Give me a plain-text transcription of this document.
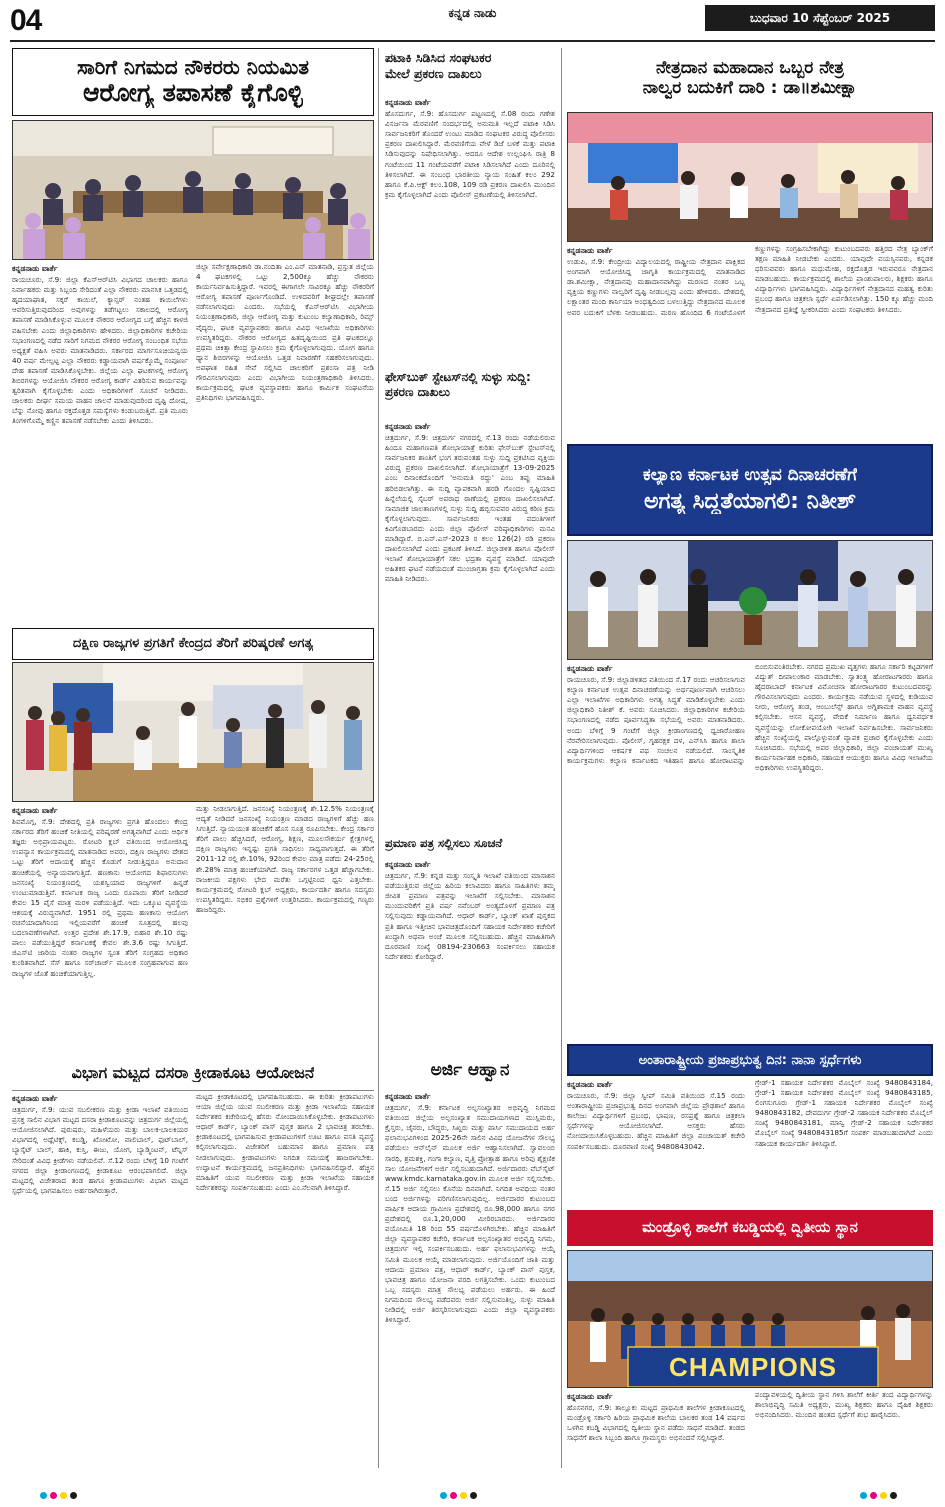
04	ಕನ್ನಡ ನಾಡು	ಬುಧವಾರ 10 ಸೆಪ್ಟೆಂಬರ್ 2025
ಸಾರಿಗೆ ನಿಗಮದ ನೌಕರರು ನಿಯಮಿತ
ಆರೋಗ್ಯ ತಪಾಸಣೆ ಕೈಗೊಳ್ಳಿ
ಕನ್ನಡನಾಡು ವಾರ್ತೆ
ರಾಯಚೂರು, ಸೆ.9: ಜಿಲ್ಲಾ ಕೆಎಸ್ಆರ್‌ಟಿಸಿ ವಿಭಾಗದ ಚಾಲಕರು ಹಾಗೂ ನಿರ್ವಾಹಕರು ಮತ್ತು ಸಿಬ್ಬಂದಿ ಸೇರಿದಂತೆ ಎಲ್ಲಾ ನೌಕರರು ಮಾನಸಿಕ ಒತ್ತಡದಲ್ಲಿ ಹೃದಯಾಘಾತ, ಸಕ್ಕರೆ ಕಾಯಿಲೆ, ಕ್ಯಾನ್ಸರ್ ನಂತಹ ಕಾಯಿಲೆಗಳು ಆವರಿಸುತ್ತಿರುವುದರಿಂದ ಅವುಗಳನ್ನು ತಡೆಗಟ್ಟಲು ಸಕಾಲದಲ್ಲಿ ಆರೋಗ್ಯ ತಪಾಸಣೆ ಮಾಡಿಸಿಕೊಳ್ಳುವ ಮೂಲಕ ನೌಕರರ ಆರೋಗ್ಯದ ಬಗ್ಗೆ ಹೆಚ್ಚಿನ ಕಾಳಜಿ ವಹಿಸಬೇಕು ಎಂದು ಜಿಲ್ಲಾಧಿಕಾರಿಗಳು ಹೇಳಿದರು. ಜಿಲ್ಲಾಧಿಕಾರಿಗಳ ಕಚೇರಿಯ ಸಭಾಂಗಣದಲ್ಲಿ ನಡೆದ ಸಾರಿಗೆ ನಿಗಮದ ನೌಕರರ ಆರೋಗ್ಯ ಸಂಬಂಧಿತ ಸಭೆಯ ಅಧ್ಯಕ್ಷತೆ ವಹಿಸಿ ಅವರು ಮಾತನಾಡಿದರು. ಸರ್ಕಾರದ ಮಾರ್ಗಸೂಚಿಯನ್ವಯ 40 ವರ್ಷ ಮೇಲ್ಪಟ್ಟ ಎಲ್ಲಾ ನೌಕರರು ಕಡ್ಡಾಯವಾಗಿ ವರ್ಷಕ್ಕೊಮ್ಮೆ ಸಂಪೂರ್ಣ ದೇಹ ತಪಾಸಣೆ ಮಾಡಿಸಿಕೊಳ್ಳಬೇಕು. ಜಿಲ್ಲೆಯ ಎಲ್ಲಾ ಘಟಕಗಳಲ್ಲಿ ಆರೋಗ್ಯ ಶಿಬಿರಗಳನ್ನು ಆಯೋಜಿಸಿ ನೌಕರರ ಆರೋಗ್ಯ ಕಾರ್ಡ್ ವಿತರಿಸುವ ಕಾರ್ಯವನ್ನು ತ್ವರಿತವಾಗಿ ಕೈಗೊಳ್ಳಬೇಕು ಎಂದು ಅಧಿಕಾರಿಗಳಿಗೆ ಸೂಚನೆ ನೀಡಿದರು. ಚಾಲಕರು ದೀರ್ಘ ಸಮಯ ವಾಹನ ಚಾಲನೆ ಮಾಡುವುದರಿಂದ ದೃಷ್ಟಿ ದೋಷ, ಬೆನ್ನು ನೋವು ಹಾಗೂ ರಕ್ತದೊತ್ತಡ ಸಮಸ್ಯೆಗಳು ಕಂಡುಬರುತ್ತಿವೆ. ಪ್ರತಿ ಮೂರು ತಿಂಗಳಿಗೊಮ್ಮೆ ಕಣ್ಣಿನ ತಪಾಸಣೆ ನಡೆಸಬೇಕು ಎಂದು ತಿಳಿಸಿದರು.
ಜಿಲ್ಲಾ ಸರ್ವೇಕ್ಷಣಾಧಿಕಾರಿ ಡಾ.ನಂದಿತಾ ಎಂ.ಎನ್ ಮಾತನಾಡಿ, ಪ್ರಸ್ತುತ ಜಿಲ್ಲೆಯ 4 ಘಟಕಗಳಲ್ಲಿ ಒಟ್ಟು 2,500ಕ್ಕೂ ಹೆಚ್ಚು ನೌಕರರು ಕಾರ್ಯನಿರ್ವಹಿಸುತ್ತಿದ್ದಾರೆ. ಇವರಲ್ಲಿ ಈಗಾಗಲೇ ಸಾವಿರಕ್ಕೂ ಹೆಚ್ಚು ನೌಕರರಿಗೆ ಆರೋಗ್ಯ ತಪಾಸಣೆ ಪೂರ್ಣಗೊಂಡಿದೆ. ಉಳಿದವರಿಗೆ ಶೀಘ್ರದಲ್ಲೇ ತಪಾಸಣೆ ನಡೆಸಲಾಗುವುದು ಎಂದರು. ಸಭೆಯಲ್ಲಿ ಕೆಎಸ್ಆರ್‌ಟಿಸಿ ವಿಭಾಗೀಯ ನಿಯಂತ್ರಣಾಧಿಕಾರಿ, ಜಿಲ್ಲಾ ಆರೋಗ್ಯ ಮತ್ತು ಕುಟುಂಬ ಕಲ್ಯಾಣಾಧಿಕಾರಿ, ರಿಮ್ಸ್ ವೈದ್ಯರು, ಘಟಕ ವ್ಯವಸ್ಥಾಪಕರು ಹಾಗೂ ವಿವಿಧ ಇಲಾಖೆಯ ಅಧಿಕಾರಿಗಳು ಉಪಸ್ಥಿತರಿದ್ದರು. ನೌಕರರ ಆರೋಗ್ಯದ ಹಿತದೃಷ್ಟಿಯಿಂದ ಪ್ರತಿ ಘಟಕದಲ್ಲೂ ಪ್ರಥಮ ಚಿಕಿತ್ಸಾ ಕೇಂದ್ರ ಸ್ಥಾಪಿಸಲು ಕ್ರಮ ಕೈಗೊಳ್ಳಲಾಗುವುದು. ಯೋಗ ಹಾಗೂ ಧ್ಯಾನ ಶಿಬಿರಗಳನ್ನು ಆಯೋಜಿಸಿ ಒತ್ತಡ ನಿವಾರಣೆಗೆ ಸಹಕರಿಸಲಾಗುವುದು. ಅಪಘಾತ ರಹಿತ ಸೇವೆ ಸಲ್ಲಿಸಿದ ಚಾಲಕರಿಗೆ ಪ್ರಶಂಸಾ ಪತ್ರ ನೀಡಿ ಗೌರವಿಸಲಾಗುವುದು ಎಂದು ವಿಭಾಗೀಯ ನಿಯಂತ್ರಣಾಧಿಕಾರಿ ತಿಳಿಸಿದರು. ಕಾರ್ಯಕ್ರಮದಲ್ಲಿ ಘಟಕ ವ್ಯವಸ್ಥಾಪಕರು ಹಾಗೂ ಕಾರ್ಮಿಕ ಸಂಘಟನೆಯ ಪ್ರತಿನಿಧಿಗಳು ಭಾಗವಹಿಸಿದ್ದರು.
ದಕ್ಷಿಣ ರಾಜ್ಯಗಳ ಪ್ರಗತಿಗೆ ಕೇಂದ್ರದ ತೆರಿಗೆ ಪರಿಷ್ಕರಣೆ ಅಗತ್ಯ
ಕನ್ನಡನಾಡು ವಾರ್ತೆ
ಶಿವಮೊಗ್ಗ, ಸೆ.9: ದೇಶದಲ್ಲಿ ಪ್ರತಿ ರಾಜ್ಯಗಳು ಪ್ರಗತಿ ಹೊಂದಲು ಕೇಂದ್ರ ಸರ್ಕಾರದ ತೆರಿಗೆ ಹಂಚಿಕೆ ನೀತಿಯಲ್ಲಿ ಪರಿಷ್ಕರಣೆ ಅಗತ್ಯವಾಗಿದೆ ಎಂದು ಆರ್ಥಿಕ ತಜ್ಞರು ಅಭಿಪ್ರಾಯಪಟ್ಟರು. ರೋಟರಿ ಕ್ಲಬ್ ವತಿಯಿಂದ ಆಯೋಜಿಸಿದ್ದ ಉಪನ್ಯಾಸ ಕಾರ್ಯಕ್ರಮದಲ್ಲಿ ಮಾತನಾಡಿದ ಅವರು, ದಕ್ಷಿಣ ರಾಜ್ಯಗಳು ದೇಶದ ಒಟ್ಟು ತೆರಿಗೆ ಆದಾಯಕ್ಕೆ ಹೆಚ್ಚಿನ ಕೊಡುಗೆ ನೀಡುತ್ತಿದ್ದರೂ ಅನುದಾನ ಹಂಚಿಕೆಯಲ್ಲಿ ಅನ್ಯಾಯವಾಗುತ್ತಿದೆ. ಹಣಕಾಸು ಆಯೋಗದ ಶಿಫಾರಸುಗಳು ಜನಸಂಖ್ಯೆ ನಿಯಂತ್ರಣದಲ್ಲಿ ಯಶಸ್ವಿಯಾದ ರಾಜ್ಯಗಳಿಗೆ ಹಿನ್ನಡೆ ಉಂಟುಮಾಡುತ್ತಿವೆ. ಕರ್ನಾಟಕ ರಾಜ್ಯ ಒಂದು ರೂಪಾಯಿ ತೆರಿಗೆ ನೀಡಿದರೆ ಕೇವಲ 15 ಪೈಸೆ ಮಾತ್ರ ಮರಳಿ ಪಡೆಯುತ್ತಿದೆ. ಇದು ಒಕ್ಕೂಟ ವ್ಯವಸ್ಥೆಯ ಆಶಯಕ್ಕೆ ವಿರುದ್ಧವಾಗಿದೆ. 1951 ರಲ್ಲಿ ಪ್ರಥಮ ಹಣಕಾಸು ಆಯೋಗ ರಚನೆಯಾದಾಗಿನಿಂದ ಇಲ್ಲಿಯವರೆಗೆ ಹಂಚಿಕೆ ಸೂತ್ರದಲ್ಲಿ ಹಲವು ಬದಲಾವಣೆಗಳಾಗಿವೆ. ಉತ್ತರ ಪ್ರದೇಶ ಶೇ.17.9, ಬಿಹಾರ ಶೇ.10 ರಷ್ಟು ಪಾಲು ಪಡೆಯುತ್ತಿದ್ದರೆ ಕರ್ನಾಟಕಕ್ಕೆ ಕೇವಲ ಶೇ.3.6 ರಷ್ಟು ಸಿಗುತ್ತಿದೆ. ಜಿಎಸ್‌ಟಿ ಜಾರಿಯ ನಂತರ ರಾಜ್ಯಗಳ ಸ್ವಂತ ತೆರಿಗೆ ಸಂಗ್ರಹದ ಅಧಿಕಾರ ಕುಂಠಿತವಾಗಿದೆ. ಸೆಸ್ ಹಾಗೂ ಸರ್‌ಚಾರ್ಜ್ ಮೂಲಕ ಸಂಗ್ರಹವಾಗುವ ಹಣ ರಾಜ್ಯಗಳ ಜೊತೆ ಹಂಚಿಕೆಯಾಗುತ್ತಿಲ್ಲ.
ಮತ್ತು ನೀಡಲಾಗುತ್ತಿದೆ. ಜನಸಂಖ್ಯೆ ನಿಯಂತ್ರಣಕ್ಕೆ ಶೇ.12.5% ನಿಯಂತ್ರಣಕ್ಕೆ ಆದ್ಯತೆ ನೀಡಿದರೆ ಜನಸಂಖ್ಯೆ ನಿಯಂತ್ರಣ ಮಾಡದ ರಾಜ್ಯಗಳಿಗೆ ಹೆಚ್ಚು ಹಣ ಸಿಗುತ್ತಿದೆ. ನ್ಯಾಯಯುತ ಹಂಚಿಕೆಗೆ ಹೊಸ ಸೂತ್ರ ರೂಪಿಸಬೇಕು. ಕೇಂದ್ರ ಸರ್ಕಾರ ತೆರಿಗೆ ಪಾಲು ಹೆಚ್ಚಿಸಿದರೆ, ಆರೋಗ್ಯ, ಶಿಕ್ಷಣ, ಮೂಲಸೌಕರ್ಯ ಕ್ಷೇತ್ರಗಳಲ್ಲಿ ದಕ್ಷಿಣ ರಾಜ್ಯಗಳು ಇನ್ನಷ್ಟು ಪ್ರಗತಿ ಸಾಧಿಸಲು ಸಾಧ್ಯವಾಗುತ್ತದೆ. ಈ ತೆರಿಗೆ 2011-12 ರಲ್ಲಿ ಶೇ.10%, 92ರಿಂದ ಕೇವಲ ಮಾತ್ರ ಪಡೆದು 24-25ರಲ್ಲಿ ಶೇ.28% ಮಾತ್ರ ಹಂಚಿಕೆಯಾಗಿದೆ. ರಾಜ್ಯ ಸರ್ಕಾರಗಳ ಒತ್ತಡ ಹೆಚ್ಚಾಗಬೇಕು. ರಾಜಕೀಯ ಪಕ್ಷಗಳು ಭೇದ ಮರೆತು ಒಗ್ಗಟ್ಟಿನಿಂದ ಧ್ವನಿ ಎತ್ತಬೇಕು. ಕಾರ್ಯಕ್ರಮದಲ್ಲಿ ರೋಟರಿ ಕ್ಲಬ್ ಅಧ್ಯಕ್ಷರು, ಕಾರ್ಯದರ್ಶಿ ಹಾಗೂ ಸದಸ್ಯರು ಉಪಸ್ಥಿತರಿದ್ದರು. ಸಭಿಕರ ಪ್ರಶ್ನೆಗಳಿಗೆ ಉತ್ತರಿಸಿದರು. ಕಾರ್ಯಕ್ರಮದಲ್ಲಿ ಗಣ್ಯರು ಹಾಜರಿದ್ದರು.
ವಿಭಾಗ ಮಟ್ಟದ ದಸರಾ ಕ್ರೀಡಾಕೂಟ ಆಯೋಜನೆ
ಕನ್ನಡನಾಡು ವಾರ್ತೆ
ಚಿತ್ರದುರ್ಗ, ಸೆ.9: ಯುವ ಸಬಲೀಕರಣ ಮತ್ತು ಕ್ರೀಡಾ ಇಲಾಖೆ ವತಿಯಿಂದ ಪ್ರಸಕ್ತ ಸಾಲಿನ ವಿಭಾಗ ಮಟ್ಟದ ದಸರಾ ಕ್ರೀಡಾಕೂಟವನ್ನು ಚಿತ್ರದುರ್ಗ ಜಿಲ್ಲೆಯಲ್ಲಿ ಆಯೋಜಿಸಲಾಗಿದೆ. ಪುರುಷರು, ಮಹಿಳೆಯರು ಮತ್ತು ಬಾಲಕ-ಬಾಲಕಿಯರ ವಿಭಾಗದಲ್ಲಿ ಅಥ್ಲೆಟಿಕ್ಸ್, ಕಬಡ್ಡಿ, ಖೋಖೋ, ವಾಲಿಬಾಲ್, ಫುಟ್‌ಬಾಲ್, ಬ್ಯಾಸ್ಕೆಟ್ ಬಾಲ್, ಹಾಕಿ, ಕುಸ್ತಿ, ಈಜು, ಯೋಗ, ಬ್ಯಾಡ್ಮಿಂಟನ್, ಟೆನ್ನಿಸ್ ಸೇರಿದಂತೆ ವಿವಿಧ ಕ್ರೀಡೆಗಳು ನಡೆಯಲಿವೆ. ಸೆ.12 ರಂದು ಬೆಳಿಗ್ಗೆ 10 ಗಂಟೆಗೆ ನಗರದ ಜಿಲ್ಲಾ ಕ್ರೀಡಾಂಗಣದಲ್ಲಿ ಕ್ರೀಡಾಕೂಟ ಆರಂಭವಾಗಲಿದೆ. ಜಿಲ್ಲಾ ಮಟ್ಟದಲ್ಲಿ ವಿಜೇತರಾದ ತಂಡ ಹಾಗೂ ಕ್ರೀಡಾಪಟುಗಳು ವಿಭಾಗ ಮಟ್ಟದ ಸ್ಪರ್ಧೆಯಲ್ಲಿ ಭಾಗವಹಿಸಲು ಅರ್ಹರಾಗಿರುತ್ತಾರೆ.
ಮಟ್ಟದ ಕ್ರೀಡಾಕೂಟದಲ್ಲಿ ಭಾಗವಹಿಸಬಹುದು. ಈ ಕುರಿತು ಕ್ರೀಡಾಪಟುಗಳು ಆಯಾ ಜಿಲ್ಲೆಯ ಯುವ ಸಬಲೀಕರಣ ಮತ್ತು ಕ್ರೀಡಾ ಇಲಾಖೆಯ ಸಹಾಯಕ ನಿರ್ದೇಶಕರ ಕಚೇರಿಯಲ್ಲಿ ಹೆಸರು ನೋಂದಾಯಿಸಿಕೊಳ್ಳಬೇಕು. ಕ್ರೀಡಾಪಟುಗಳು ಆಧಾರ್ ಕಾರ್ಡ್, ಬ್ಯಾಂಕ್ ಪಾಸ್ ಪುಸ್ತಕ ಹಾಗೂ 2 ಭಾವಚಿತ್ರ ತರಬೇಕು. ಕ್ರೀಡಾಕೂಟದಲ್ಲಿ ಭಾಗವಹಿಸುವ ಕ್ರೀಡಾಪಟುಗಳಿಗೆ ಊಟ ಹಾಗೂ ವಸತಿ ವ್ಯವಸ್ಥೆ ಕಲ್ಪಿಸಲಾಗುವುದು. ವಿಜೇತರಿಗೆ ಬಹುಮಾನ ಹಾಗೂ ಪ್ರಮಾಣ ಪತ್ರ ನೀಡಲಾಗುವುದು. ಕ್ರೀಡಾಪಟುಗಳು ನಿಗದಿತ ಸಮಯಕ್ಕೆ ಹಾಜರಾಗಬೇಕು. ಉದ್ಘಾಟನೆ ಕಾರ್ಯಕ್ರಮದಲ್ಲಿ ಜನಪ್ರತಿನಿಧಿಗಳು ಭಾಗವಹಿಸಲಿದ್ದಾರೆ. ಹೆಚ್ಚಿನ ಮಾಹಿತಿಗೆ ಯುವ ಸಬಲೀಕರಣ ಮತ್ತು ಕ್ರೀಡಾ ಇಲಾಖೆಯ ಸಹಾಯಕ ನಿರ್ದೇಶಕರನ್ನು ಸಂಪರ್ಕಿಸಬಹುದು ಎಂದು ಎಂ.ನೆಲವಾಗಿ ತಿಳಿಸಿದ್ದಾರೆ.
ಪಟಾಕಿ ಸಿಡಿಸಿದ ಸಂಘಟಕರ
ಮೇಲೆ ಪ್ರಕರಣ ದಾಖಲು
ಕನ್ನಡನಾಡು ವಾರ್ತೆ
ಹೊಸದುರ್ಗ, ಸೆ.9: ಹೊಸದುರ್ಗ ಪಟ್ಟಣದಲ್ಲಿ ಸೆ.08 ರಂದು ಗಣೇಶ ವಿಸರ್ಜನಾ ಮೆರವಣಿಗೆ ಸಂದರ್ಭದಲ್ಲಿ ಅನುಮತಿ ಇಲ್ಲದೆ ಪಟಾಕಿ ಸಿಡಿಸಿ ಸಾರ್ವಜನಿಕರಿಗೆ ತೊಂದರೆ ಉಂಟು ಮಾಡಿದ ಸಂಘಟಕರ ವಿರುದ್ಧ ಪೊಲೀಸರು ಪ್ರಕರಣ ದಾಖಲಿಸಿದ್ದಾರೆ. ಮೆರವಣಿಗೆಯ ವೇಳೆ ಡಿಜೆ ಬಳಕೆ ಮತ್ತು ಪಟಾಕಿ ಸಿಡಿಸುವುದನ್ನು ನಿಷೇಧಿಸಲಾಗಿತ್ತು. ಆದರೂ ಆದೇಶ ಉಲ್ಲಂಘಿಸಿ ರಾತ್ರಿ 8 ಗಂಟೆಯಿಂದ 11 ಗಂಟೆಯವರೆಗೆ ಪಟಾಕಿ ಸಿಡಿಸಲಾಗಿದೆ ಎಂದು ದೂರಿನಲ್ಲಿ ತಿಳಿಸಲಾಗಿದೆ. ಈ ಸಂಬಂಧ ಭಾರತೀಯ ನ್ಯಾಯ ಸಂಹಿತೆ ಕಲಂ 292 ಹಾಗೂ ಕೆ.ಪಿ.ಆಕ್ಟ್ ಕಲಂ.108, 109 ರಡಿ ಪ್ರಕರಣ ದಾಖಲಿಸಿ ಮುಂದಿನ ಕ್ರಮ ಕೈಗೊಳ್ಳಲಾಗಿದೆ ಎಂದು ಪೊಲೀಸ್ ಪ್ರಕಟಣೆಯಲ್ಲಿ ತಿಳಿಸಲಾಗಿದೆ.
ಫೇಸ್‌ಬುಕ್ ಸ್ಟೇಟಸ್‌ನಲ್ಲಿ ಸುಳ್ಳು ಸುದ್ದಿ: ಪ್ರಕರಣ ದಾಖಲು
ಕನ್ನಡನಾಡು ವಾರ್ತೆ
ಚಿತ್ರದುರ್ಗ, ಸೆ.9: ಚಿತ್ರದುರ್ಗ ನಗರದಲ್ಲಿ ಸೆ.13 ರಂದು ನಡೆಯಲಿರುವ ಹಿಂದೂ ಮಹಾಗಣಪತಿ ಶೋಭಾಯಾತ್ರೆ ಕುರಿತು ಫೇಸ್‌ಬುಕ್ ಸ್ಟೇಟಸ್‌ನಲ್ಲಿ ಸಾರ್ವಜನಿಕರ ಶಾಂತಿಗೆ ಭಂಗ ತರುವಂತಹ ಸುಳ್ಳು ಸುದ್ದಿ ಪ್ರಕಟಿಸಿದ ವ್ಯಕ್ತಿಯ ವಿರುದ್ಧ ಪ್ರಕರಣ ದಾಖಲಿಸಲಾಗಿದೆ. ಶೋಭಾಯಾತ್ರೆಗೆ 13-09-2025 ಎಂಬ ದಿನಾಂಕದೊಂದಿಗೆ 'ಅನುಮತಿ ರದ್ದು' ಎಂಬ ತಪ್ಪು ಮಾಹಿತಿ ಹರಿಬಿಡಲಾಗಿತ್ತು. ಈ ಸುದ್ದಿ ವ್ಯಾಪಕವಾಗಿ ಹರಡಿ ಗೊಂದಲ ಸೃಷ್ಟಿಯಾದ ಹಿನ್ನೆಲೆಯಲ್ಲಿ ಸೈಬರ್ ಅಪರಾಧ ಠಾಣೆಯಲ್ಲಿ ಪ್ರಕರಣ ದಾಖಲಿಸಲಾಗಿದೆ. ಸಾಮಾಜಿಕ ಜಾಲತಾಣಗಳಲ್ಲಿ ಸುಳ್ಳು ಸುದ್ದಿ ಹಬ್ಬಿಸುವವರ ವಿರುದ್ಧ ಕಠಿಣ ಕ್ರಮ ಕೈಗೊಳ್ಳಲಾಗುವುದು. ಸಾರ್ವಜನಿಕರು ಇಂತಹ ವದಂತಿಗಳಿಗೆ ಕಿವಿಗೊಡಬಾರದು ಎಂದು ಜಿಲ್ಲಾ ಪೊಲೀಸ್ ವರಿಷ್ಠಾಧಿಕಾರಿಗಳು ಮನವಿ ಮಾಡಿದ್ದಾರೆ. ಬಿ.ಎನ್.ಎಸ್-2023 ರ ಕಲಂ 126(2) ರಡಿ ಪ್ರಕರಣ ದಾಖಲಿಸಲಾಗಿದೆ ಎಂದು ಪ್ರಕಟಣೆ ತಿಳಿಸಿದೆ. ಜಿಲ್ಲಾಡಳಿತ ಹಾಗೂ ಪೊಲೀಸ್ ಇಲಾಖೆ ಶೋಭಾಯಾತ್ರೆಗೆ ಸಕಲ ಭದ್ರತಾ ವ್ಯವಸ್ಥೆ ಮಾಡಿದೆ. ಯಾವುದೇ ಅಹಿತಕರ ಘಟನೆ ನಡೆಯದಂತೆ ಮುಂಜಾಗ್ರತಾ ಕ್ರಮ ಕೈಗೊಳ್ಳಲಾಗಿದೆ ಎಂದು ಮಾಹಿತಿ ನೀಡಿದರು.
ಪ್ರಮಾಣ ಪತ್ರ ಸಲ್ಲಿಸಲು ಸೂಚನೆ
ಕನ್ನಡನಾಡು ವಾರ್ತೆ
ಚಿತ್ರದುರ್ಗ, ಸೆ.9: ಕನ್ನಡ ಮತ್ತು ಸಂಸ್ಕೃತಿ ಇಲಾಖೆ ವತಿಯಿಂದ ಮಾಸಾಶನ ಪಡೆಯುತ್ತಿರುವ ಜಿಲ್ಲೆಯ ಹಿರಿಯ ಕಲಾವಿದರು ಹಾಗೂ ಸಾಹಿತಿಗಳು ತಮ್ಮ ಜೀವಿತ ಪ್ರಮಾಣ ಪತ್ರವನ್ನು ಇಲಾಖೆಗೆ ಸಲ್ಲಿಸಬೇಕು. ಮಾಸಾಶನ ಮುಂದುವರಿಕೆಗೆ ಪ್ರತಿ ವರ್ಷ ನವೆಂಬರ್ ಅಂತ್ಯದೊಳಗೆ ಪ್ರಮಾಣ ಪತ್ರ ಸಲ್ಲಿಸುವುದು ಕಡ್ಡಾಯವಾಗಿದೆ. ಆಧಾರ್ ಕಾರ್ಡ್, ಬ್ಯಾಂಕ್ ಖಾತೆ ಪುಸ್ತಕದ ಪ್ರತಿ ಹಾಗೂ ಇತ್ತೀಚಿನ ಭಾವಚಿತ್ರದೊಂದಿಗೆ ಸಹಾಯಕ ನಿರ್ದೇಶಕರ ಕಚೇರಿಗೆ ಖುದ್ದಾಗಿ ಅಥವಾ ಅಂಚೆ ಮೂಲಕ ಸಲ್ಲಿಸಬಹುದು. ಹೆಚ್ಚಿನ ಮಾಹಿತಿಗಾಗಿ ದೂರವಾಣಿ ಸಂಖ್ಯೆ 08194-230663 ಸಂಪರ್ಕಿಸಲು ಸಹಾಯಕ ನಿರ್ದೇಶಕರು ಕೋರಿದ್ದಾರೆ.
ಅರ್ಜಿ ಆಹ್ವಾನ
ಕನ್ನಡನಾಡು ವಾರ್ತೆ
ಚಿತ್ರದುರ್ಗ, ಸೆ.9: ಕರ್ನಾಟಕ ಅಲ್ಪಸಂಖ್ಯಾತರ ಅಭಿವೃದ್ಧಿ ನಿಗಮದ ವತಿಯಿಂದ ಜಿಲ್ಲೆಯ ಅಲ್ಪಸಂಖ್ಯಾತ ಸಮುದಾಯಗಳಾದ ಮುಸ್ಲಿಮರು, ಕ್ರೈಸ್ತರು, ಜೈನರು, ಬೌದ್ಧರು, ಸಿಖ್ಖರು ಮತ್ತು ಪಾರ್ಸಿ ಸಮುದಾಯದ ಅರ್ಹ ಫಲಾನುಭವಿಗಳಿಂದ 2025-26ನೇ ಸಾಲಿನ ವಿವಿಧ ಯೋಜನೆಗಳ ಸೌಲಭ್ಯ ಪಡೆಯಲು ಆನ್‌ಲೈನ್ ಮೂಲಕ ಅರ್ಜಿ ಆಹ್ವಾನಿಸಲಾಗಿದೆ. ಸ್ವಾವಲಂಬಿ ಸಾರಥಿ, ಶ್ರಮಶಕ್ತಿ, ಗಂಗಾ ಕಲ್ಯಾಣ, ವೃತ್ತಿ ಪ್ರೋತ್ಸಾಹ ಹಾಗೂ ಅರಿವು ಶೈಕ್ಷಣಿಕ ಸಾಲ ಯೋಜನೆಗಳಿಗೆ ಅರ್ಜಿ ಸಲ್ಲಿಸಬಹುದಾಗಿದೆ. ಅರ್ಜಿದಾರರು ವೆಬ್‌ಸೈಟ್ www.kmdc.karnataka.gov.in ಮೂಲಕ ಅರ್ಜಿ ಸಲ್ಲಿಸಬೇಕು. ಸೆ.15 ಅರ್ಜಿ ಸಲ್ಲಿಸಲು ಕೊನೆಯ ದಿನವಾಗಿದೆ. ನಿಗದಿತ ಅವಧಿಯ ನಂತರ ಬಂದ ಅರ್ಜಿಗಳನ್ನು ಪರಿಗಣಿಸಲಾಗುವುದಿಲ್ಲ. ಅರ್ಜಿದಾರರ ಕುಟುಂಬದ ವಾರ್ಷಿಕ ಆದಾಯ ಗ್ರಾಮೀಣ ಪ್ರದೇಶದಲ್ಲಿ ರೂ.98,000 ಹಾಗೂ ನಗರ ಪ್ರದೇಶದಲ್ಲಿ ರೂ.1,20,000 ಮೀರಿರಬಾರದು. ಅರ್ಜಿದಾರರ ವಯೋಮಿತಿ 18 ರಿಂದ 55 ವರ್ಷದೊಳಗಿರಬೇಕು. ಹೆಚ್ಚಿನ ಮಾಹಿತಿಗೆ ಜಿಲ್ಲಾ ವ್ಯವಸ್ಥಾಪಕರ ಕಚೇರಿ, ಕರ್ನಾಟಕ ಅಲ್ಪಸಂಖ್ಯಾತರ ಅಭಿವೃದ್ಧಿ ನಿಗಮ, ಚಿತ್ರದುರ್ಗ ಇಲ್ಲಿ ಸಂಪರ್ಕಿಸಬಹುದು. ಅರ್ಹ ಫಲಾನುಭವಿಗಳನ್ನು ಆಯ್ಕೆ ಸಮಿತಿ ಮೂಲಕ ಆಯ್ಕೆ ಮಾಡಲಾಗುವುದು. ಅರ್ಜಿಯೊಂದಿಗೆ ಜಾತಿ ಮತ್ತು ಆದಾಯ ಪ್ರಮಾಣ ಪತ್ರ, ಆಧಾರ್ ಕಾರ್ಡ್, ಬ್ಯಾಂಕ್ ಪಾಸ್ ಪುಸ್ತಕ, ಭಾವಚಿತ್ರ ಹಾಗೂ ಯೋಜನಾ ವರದಿ ಲಗತ್ತಿಸಬೇಕು. ಒಂದು ಕುಟುಂಬದ ಒಬ್ಬ ಸದಸ್ಯರು ಮಾತ್ರ ಸೌಲಭ್ಯ ಪಡೆಯಲು ಅರ್ಹರು. ಈ ಹಿಂದೆ ನಿಗಮದಿಂದ ಸೌಲಭ್ಯ ಪಡೆದವರು ಅರ್ಜಿ ಸಲ್ಲಿಸುವಂತಿಲ್ಲ. ಸುಳ್ಳು ಮಾಹಿತಿ ನೀಡಿದಲ್ಲಿ ಅರ್ಜಿ ತಿರಸ್ಕರಿಸಲಾಗುವುದು ಎಂದು ಜಿಲ್ಲಾ ವ್ಯವಸ್ಥಾಪಕರು ತಿಳಿಸಿದ್ದಾರೆ.
ನೇತ್ರದಾನ ಮಹಾದಾನ ಒಬ್ಬರ ನೇತ್ರ
ನಾಲ್ವರ ಬದುಕಿಗೆ ದಾರಿ : ಡಾ॥ಶಮೀಕ್ಷಾ
ಕನ್ನಡನಾಡು ವಾರ್ತೆ
ಉಡುಪಿ, ಸೆ.9: ಕೇಂದ್ರೀಯ ವಿದ್ಯಾಲಯದಲ್ಲಿ ರಾಷ್ಟ್ರೀಯ ನೇತ್ರದಾನ ಪಾಕ್ಷಿಕದ ಅಂಗವಾಗಿ ಆಯೋಜಿಸಿದ್ದ ಜಾಗೃತಿ ಕಾರ್ಯಕ್ರಮದಲ್ಲಿ ಮಾತನಾಡಿದ ಡಾ.ಶಮೀಕ್ಷಾ, ನೇತ್ರದಾನವು ಮಹಾದಾನವಾಗಿದ್ದು ಮರಣದ ನಂತರ ಒಬ್ಬ ವ್ಯಕ್ತಿಯ ಕಣ್ಣುಗಳು ನಾಲ್ವರಿಗೆ ದೃಷ್ಟಿ ನೀಡಬಲ್ಲವು ಎಂದು ಹೇಳಿದರು. ದೇಶದಲ್ಲಿ ಲಕ್ಷಾಂತರ ಮಂದಿ ಕಾರ್ನಿಯಾ ಅಂಧತ್ವದಿಂದ ಬಳಲುತ್ತಿದ್ದು ನೇತ್ರದಾನದ ಮೂಲಕ ಅವರ ಬದುಕಿಗೆ ಬೆಳಕು ನೀಡಬಹುದು. ಮರಣ ಹೊಂದಿದ 6 ಗಂಟೆಯೊಳಗೆ ಕಣ್ಣುಗಳನ್ನು ಸಂಗ್ರಹಿಸಬೇಕಾಗಿದ್ದು ಕುಟುಂಬದವರು ಹತ್ತಿರದ ನೇತ್ರ ಬ್ಯಾಂಕ್‌ಗೆ ತಕ್ಷಣ ಮಾಹಿತಿ ನೀಡಬೇಕು ಎಂದರು. ಯಾವುದೇ ವಯಸ್ಸಿನವರು, ಕನ್ನಡಕ ಧರಿಸುವವರು ಹಾಗೂ ಮಧುಮೇಹ, ರಕ್ತದೊತ್ತಡ ಇರುವವರೂ ನೇತ್ರದಾನ ಮಾಡಬಹುದು. ಕಾರ್ಯಕ್ರಮದಲ್ಲಿ ಶಾಲೆಯ ಪ್ರಾಂಶುಪಾಲರು, ಶಿಕ್ಷಕರು ಹಾಗೂ ವಿದ್ಯಾರ್ಥಿಗಳು ಭಾಗವಹಿಸಿದ್ದರು. ವಿದ್ಯಾರ್ಥಿಗಳಿಗೆ ನೇತ್ರದಾನದ ಮಹತ್ವ ಕುರಿತು ಪ್ರಬಂಧ ಹಾಗೂ ಚಿತ್ರಕಲಾ ಸ್ಪರ್ಧೆ ಏರ್ಪಡಿಸಲಾಗಿತ್ತು. 150 ಕ್ಕೂ ಹೆಚ್ಚು ಮಂದಿ ನೇತ್ರದಾನದ ಪ್ರತಿಜ್ಞೆ ಸ್ವೀಕರಿಸಿದರು ಎಂದು ಸಂಘಟಕರು ತಿಳಿಸಿದರು.
ಕಲ್ಯಾಣ ಕರ್ನಾಟಕ ಉತ್ಸವ ದಿನಾಚರಣೆಗೆ
ಅಗತ್ಯ ಸಿದ್ಧತೆಯಾಗಲಿ: ನಿತೀಶ್
ಕನ್ನಡನಾಡು ವಾರ್ತೆ
ರಾಯಚೂರು, ಸೆ.9: ಜಿಲ್ಲಾಡಳಿತದ ವತಿಯಿಂದ ಸೆ.17 ರಂದು ಆಚರಿಸಲಾಗುವ ಕಲ್ಯಾಣ ಕರ್ನಾಟಕ ಉತ್ಸವ ದಿನಾಚರಣೆಯನ್ನು ಅರ್ಥಪೂರ್ಣವಾಗಿ ಆಚರಿಸಲು ಎಲ್ಲಾ ಇಲಾಖೆಗಳ ಅಧಿಕಾರಿಗಳು ಅಗತ್ಯ ಸಿದ್ಧತೆ ಮಾಡಿಕೊಳ್ಳಬೇಕು ಎಂದು ಜಿಲ್ಲಾಧಿಕಾರಿ ನಿತೀಶ್ ಕೆ. ಅವರು ಸೂಚಿಸಿದರು. ಜಿಲ್ಲಾಧಿಕಾರಿಗಳ ಕಚೇರಿಯ ಸಭಾಂಗಣದಲ್ಲಿ ನಡೆದ ಪೂರ್ವಸಿದ್ಧತಾ ಸಭೆಯಲ್ಲಿ ಅವರು ಮಾತನಾಡಿದರು. ಅಂದು ಬೆಳಿಗ್ಗೆ 9 ಗಂಟೆಗೆ ಜಿಲ್ಲಾ ಕ್ರೀಡಾಂಗಣದಲ್ಲಿ ಧ್ವಜಾರೋಹಣ ನೆರವೇರಿಸಲಾಗುವುದು. ಪೊಲೀಸ್, ಗೃಹರಕ್ಷಕ ದಳ, ಎನ್‌ಸಿಸಿ ಹಾಗೂ ಶಾಲಾ ವಿದ್ಯಾರ್ಥಿಗಳಿಂದ ಆಕರ್ಷಕ ಪಥ ಸಂಚಲನ ನಡೆಯಲಿದೆ. ಸಾಂಸ್ಕೃತಿಕ ಕಾರ್ಯಕ್ರಮಗಳು ಕಲ್ಯಾಣ ಕರ್ನಾಟಕದ ಇತಿಹಾಸ ಹಾಗೂ ಹೋರಾಟವನ್ನು ಬಿಂಬಿಸುವಂತಿರಬೇಕು. ನಗರದ ಪ್ರಮುಖ ವೃತ್ತಗಳು ಹಾಗೂ ಸರ್ಕಾರಿ ಕಟ್ಟಡಗಳಿಗೆ ವಿದ್ಯುತ್ ದೀಪಾಲಂಕಾರ ಮಾಡಬೇಕು. ಸ್ವಾತಂತ್ರ್ಯ ಹೋರಾಟಗಾರರು ಹಾಗೂ ಹೈದರಾಬಾದ್ ಕರ್ನಾಟಕ ವಿಮೋಚನಾ ಹೋರಾಟಗಾರರ ಕುಟುಂಬದವರನ್ನು ಗೌರವಿಸಲಾಗುವುದು ಎಂದರು. ಕಾರ್ಯಕ್ರಮ ನಡೆಯುವ ಸ್ಥಳದಲ್ಲಿ ಕುಡಿಯುವ ನೀರು, ಆರೋಗ್ಯ ತಂಡ, ಆಂಬುಲೆನ್ಸ್ ಹಾಗೂ ಅಗ್ನಿಶಾಮಕ ವಾಹನ ವ್ಯವಸ್ಥೆ ಕಲ್ಪಿಸಬೇಕು. ಆಸನ ವ್ಯವಸ್ಥೆ, ವೇದಿಕೆ ನಿರ್ಮಾಣ ಹಾಗೂ ಧ್ವನಿವರ್ಧಕ ವ್ಯವಸ್ಥೆಯನ್ನು ಲೋಕೋಪಯೋಗಿ ಇಲಾಖೆ ನಿರ್ವಹಿಸಬೇಕು. ಸಾರ್ವಜನಿಕರು ಹೆಚ್ಚಿನ ಸಂಖ್ಯೆಯಲ್ಲಿ ಪಾಲ್ಗೊಳ್ಳುವಂತೆ ವ್ಯಾಪಕ ಪ್ರಚಾರ ಕೈಗೊಳ್ಳಬೇಕು ಎಂದು ಸೂಚಿಸಿದರು. ಸಭೆಯಲ್ಲಿ ಅಪರ ಜಿಲ್ಲಾಧಿಕಾರಿ, ಜಿಲ್ಲಾ ಪಂಚಾಯತ್ ಮುಖ್ಯ ಕಾರ್ಯನಿರ್ವಾಹಕ ಅಧಿಕಾರಿ, ಸಹಾಯಕ ಆಯುಕ್ತರು ಹಾಗೂ ವಿವಿಧ ಇಲಾಖೆಯ ಅಧಿಕಾರಿಗಳು ಉಪಸ್ಥಿತರಿದ್ದರು.
ಅಂತಾರಾಷ್ಟ್ರೀಯ ಪ್ರಜಾಪ್ರಭುತ್ವ ದಿನ: ನಾನಾ ಸ್ಪರ್ಧೆಗಳು
ಕನ್ನಡನಾಡು ವಾರ್ತೆ
ರಾಯಚೂರು, ಸೆ.9: ಜಿಲ್ಲಾ ಸ್ವೀಪ್ ಸಮಿತಿ ವತಿಯಿಂದ ಸೆ.15 ರಂದು ಅಂತಾರಾಷ್ಟ್ರೀಯ ಪ್ರಜಾಪ್ರಭುತ್ವ ದಿನದ ಅಂಗವಾಗಿ ಜಿಲ್ಲೆಯ ಪ್ರೌಢಶಾಲೆ ಹಾಗೂ ಕಾಲೇಜು ವಿದ್ಯಾರ್ಥಿಗಳಿಗೆ ಪ್ರಬಂಧ, ಭಾಷಣ, ರಸಪ್ರಶ್ನೆ ಹಾಗೂ ಚಿತ್ರಕಲಾ ಸ್ಪರ್ಧೆಗಳನ್ನು ಆಯೋಜಿಸಲಾಗಿದೆ. ಆಸಕ್ತರು ಹೆಸರು ನೋಂದಾಯಿಸಿಕೊಳ್ಳಬಹುದು. ಹೆಚ್ಚಿನ ಮಾಹಿತಿಗೆ ಜಿಲ್ಲಾ ಪಂಚಾಯತ್ ಕಚೇರಿ ಸಂಪರ್ಕಿಸಬಹುದು. ದೂರವಾಣಿ ಸಂಖ್ಯೆ 9480843042.
ಗ್ರೇಡ್-1 ಸಹಾಯಕ ನಿರ್ದೇಶಕರ ಮೊಬೈಲ್ ಸಂಖ್ಯೆ 9480843184, ಗ್ರೇಡ್-1 ಸಹಾಯಕ ನಿರ್ದೇಶಕರ ಮೊಬೈಲ್ ಸಂಖ್ಯೆ 9480843185, ಲಿಂಗಸುಗೂರು ಗ್ರೇಡ್-1 ಸಹಾಯಕ ನಿರ್ದೇಶಕರ ಮೊಬೈಲ್ ಸಂಖ್ಯೆ 9480843182, ದೇವದುರ್ಗ ಗ್ರೇಡ್-2 ಸಹಾಯಕ ನಿರ್ದೇಶಕರ ಮೊಬೈಲ್ ಸಂಖ್ಯೆ 9480843181, ಮಾನ್ವಿ ಗ್ರೇಡ್-2 ಸಹಾಯಕ ನಿರ್ದೇಶಕರ ಮೊಬೈಲ್ ಸಂಖ್ಯೆ 9480843185ಗೆ ಸಂಪರ್ಕ ಮಾಡಬಹುದಾಗಿದೆ ಎಂದು ಸಹಾಯಕ ಕಾರ್ಯದರ್ಶಿ ತಿಳಿಸಿದ್ದಾರೆ.
ಮಂಡ್ರೊಳ್ಳಿ ಶಾಲೆಗೆ ಕಬಡ್ಡಿಯಲ್ಲಿ ದ್ವಿತೀಯ ಸ್ಥಾನ
CHAMPIONS
ಕನ್ನಡನಾಡು ವಾರ್ತೆ
ಹೊಸನಗರ, ಸೆ.9: ತಾಲ್ಲೂಕು ಮಟ್ಟದ ಪ್ರಾಥಮಿಕ ಶಾಲೆಗಳ ಕ್ರೀಡಾಕೂಟದಲ್ಲಿ ಮಂಡ್ರೊಳ್ಳಿ ಸರ್ಕಾರಿ ಹಿರಿಯ ಪ್ರಾಥಮಿಕ ಶಾಲೆಯ ಬಾಲಕರ ತಂಡ 14 ವರ್ಷದ ಒಳಗಿನ ಕಬಡ್ಡಿ ವಿಭಾಗದಲ್ಲಿ ದ್ವಿತೀಯ ಸ್ಥಾನ ಪಡೆದು ಸಾಧನೆ ಮಾಡಿದೆ. ತಂಡದ ಸಾಧನೆಗೆ ಶಾಲಾ ಸಿಬ್ಬಂದಿ ಹಾಗೂ ಗ್ರಾಮಸ್ಥರು ಅಭಿನಂದನೆ ಸಲ್ಲಿಸಿದ್ದಾರೆ.
ಪಂದ್ಯಾವಳಿಯಲ್ಲಿ ದ್ವಿತೀಯ ಸ್ಥಾನ ಗಳಿಸಿ ಶಾಲೆಗೆ ಕೀರ್ತಿ ತಂದ ವಿದ್ಯಾರ್ಥಿಗಳನ್ನು ಶಾಲಾಭಿವೃದ್ಧಿ ಸಮಿತಿ ಅಧ್ಯಕ್ಷರು, ಮುಖ್ಯ ಶಿಕ್ಷಕರು ಹಾಗೂ ದೈಹಿಕ ಶಿಕ್ಷಕರು ಅಭಿನಂದಿಸಿದರು. ಮುಂದಿನ ಹಂತದ ಸ್ಪರ್ಧೆಗೆ ಶುಭ ಹಾರೈಸಿದರು.
